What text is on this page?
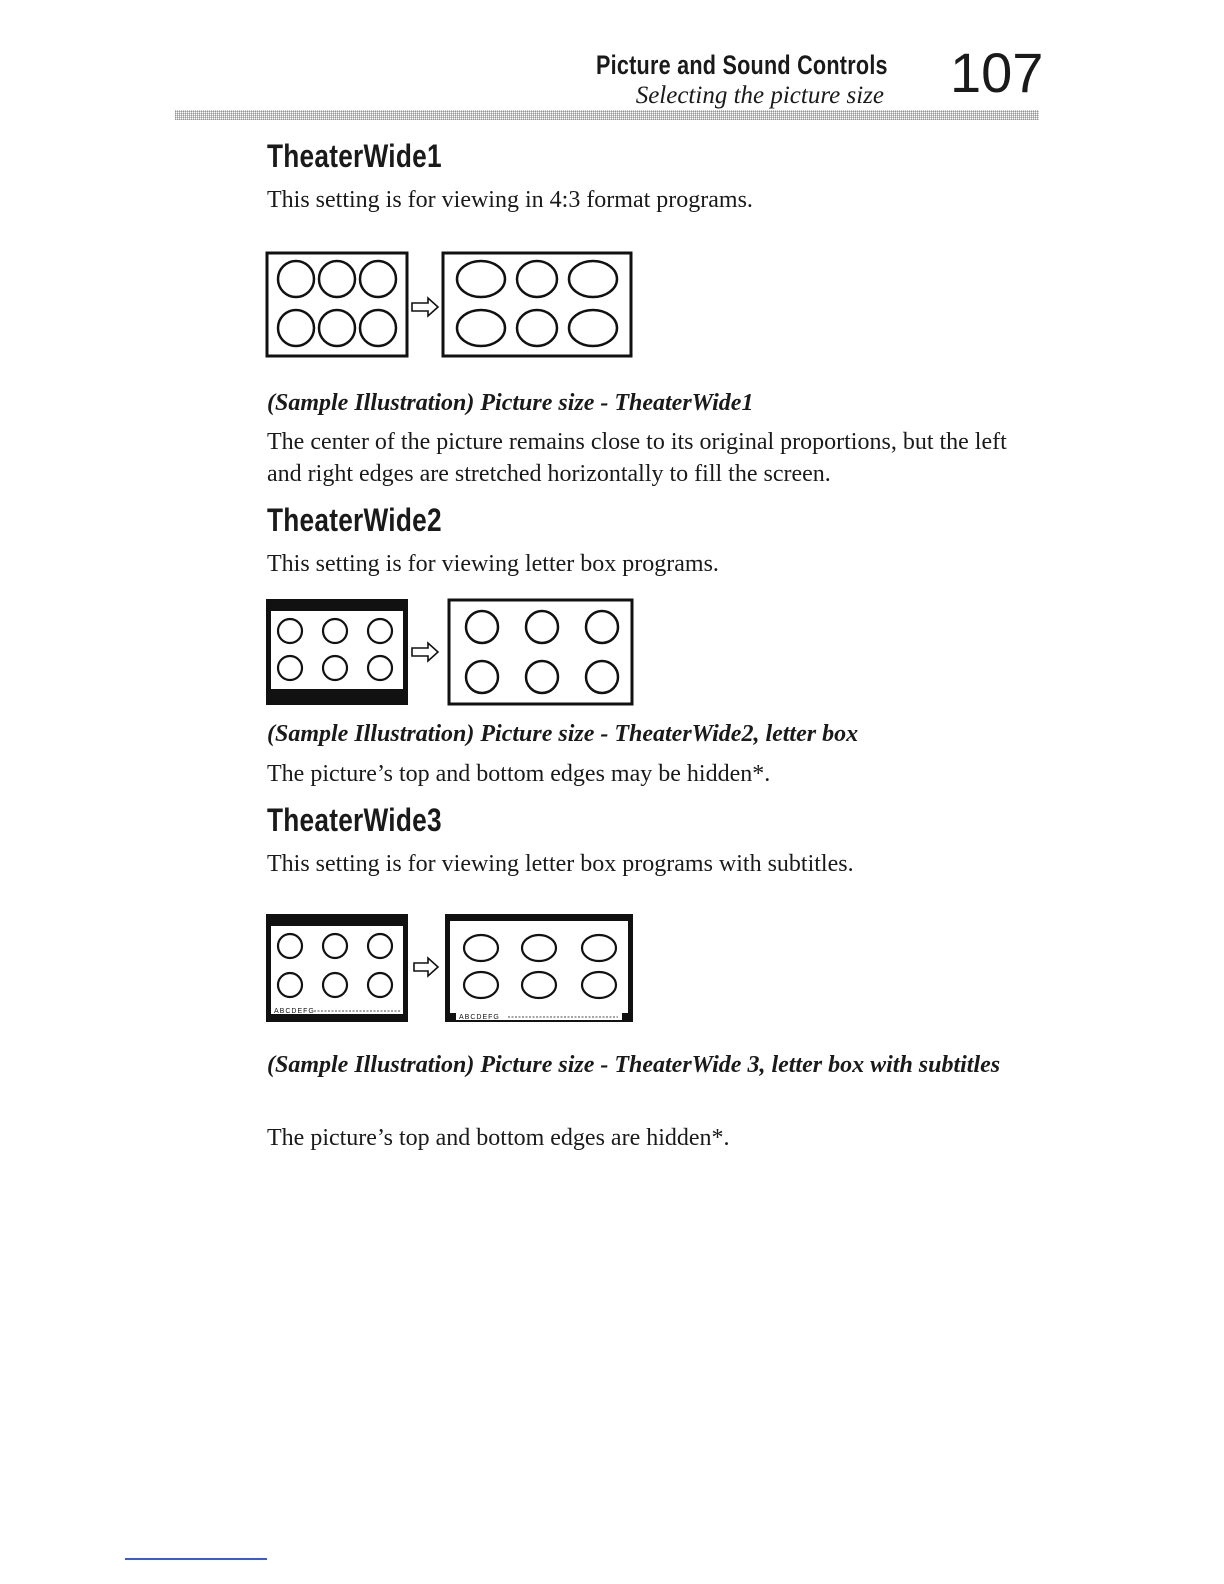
Picture and Sound Controls
Selecting the picture size 107
TheaterWide1
This setting is for viewing in 4:3 format programs.
(Sample Illustration) Picture size - TheaterWide1
The center of the picture remains close to its original proportions, but the left and right edges are stretched horizontally to fill the screen.
TheaterWide2
This setting is for viewing letter box programs.
(Sample Illustration) Picture size - TheaterWide2, letter box
The picture’s top and bottom edges may be hidden*.
TheaterWide3
This setting is for viewing letter box programs with subtitles.
ABCDEFG
ABCDEFG
(Sample Illustration) Picture size - TheaterWide 3, letter box with subtitles
The picture’s top and bottom edges are hidden*.
